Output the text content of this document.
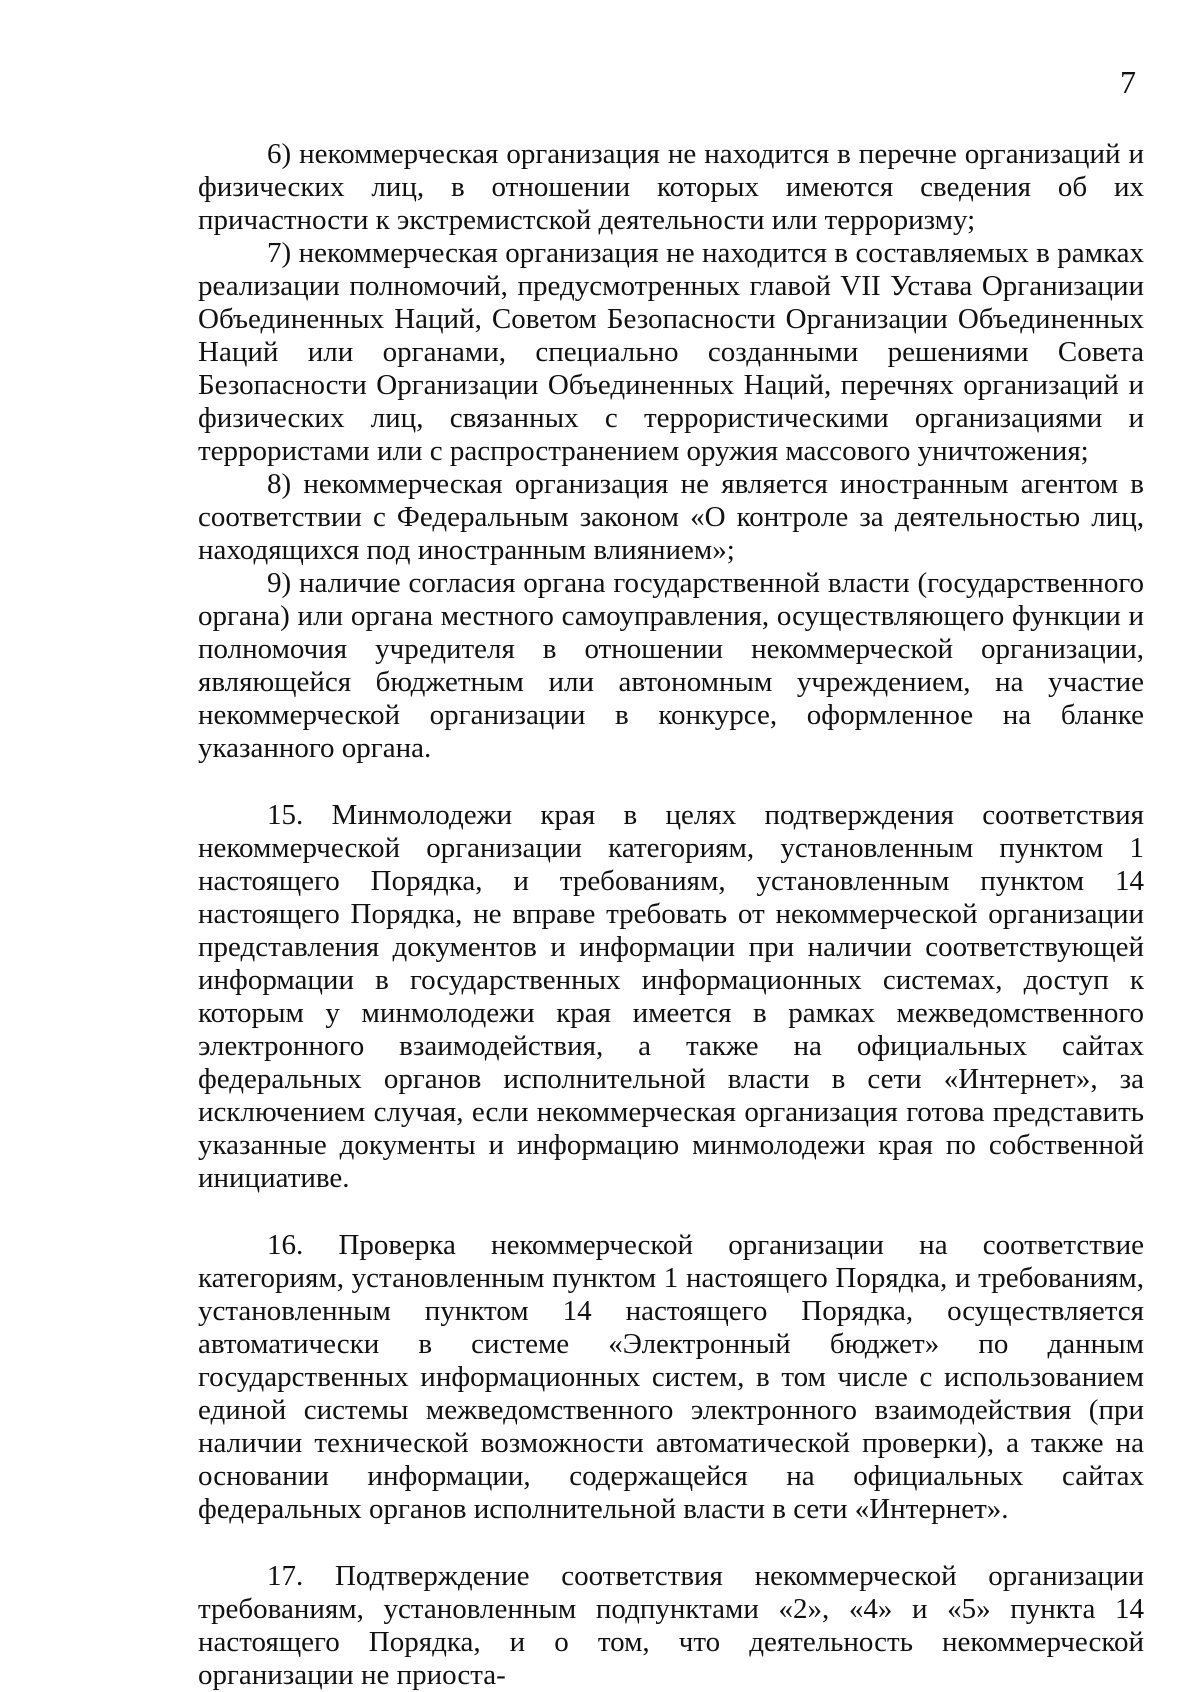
7

6) некоммерческая организация не находится в перечне организаций и физических лиц, в отношении которых имеются сведения об их причастности к экстремистской деятельности или терроризму;

7) некоммерческая организация не находится в составляемых в рамках реализации полномочий, предусмотренных главой VII Устава Организации Объединенных Наций, Советом Безопасности Организации Объединенных Наций или органами, специально созданными решениями Совета Безопасности Организации Объединенных Наций, перечнях организаций и физических лиц, связанных с террористическими организациями и террористами или с распространением оружия массового уничтожения;

8) некоммерческая организация не является иностранным агентом в соответствии с Федеральным законом «О контроле за деятельностью лиц, находящихся под иностранным влиянием»;

9) наличие согласия органа государственной власти (государственного органа) или органа местного самоуправления, осуществляющего функции и полномочия учредителя в отношении некоммерческой организации, являющейся бюджетным или автономным учреждением, на участие некоммерческой организации в конкурсе, оформленное на бланке указанного органа.

15. Минмолодежи края в целях подтверждения соответствия некоммерческой организации категориям, установленным пунктом 1 настоящего Порядка, и требованиям, установленным пунктом 14 настоящего Порядка, не вправе требовать от некоммерческой организации представления документов и информации при наличии соответствующей информации в государственных информационных системах, доступ к которым у минмолодежи края имеется в рамках межведомственного электронного взаимодействия, а также на официальных сайтах федеральных органов исполнительной власти в сети «Интернет», за исключением случая, если некоммерческая организация готова представить указанные документы и информацию минмолодежи края по собственной инициативе.

16. Проверка некоммерческой организации на соответствие категориям, установленным пунктом 1 настоящего Порядка, и требованиям, установленным пунктом 14 настоящего Порядка, осуществляется автоматически в системе «Электронный бюджет» по данным государственных информационных систем, в том числе с использованием единой системы межведомственного электронного взаимодействия (при наличии технической возможности автоматической проверки), а также на основании информации, содержащейся на официальных сайтах федеральных органов исполнительной власти в сети «Интернет».

17. Подтверждение соответствия некоммерческой организации требованиям, установленным подпунктами «2», «4» и «5» пункта 14 настоящего Порядка, и о том, что деятельность некоммерческой организации не приоста-
